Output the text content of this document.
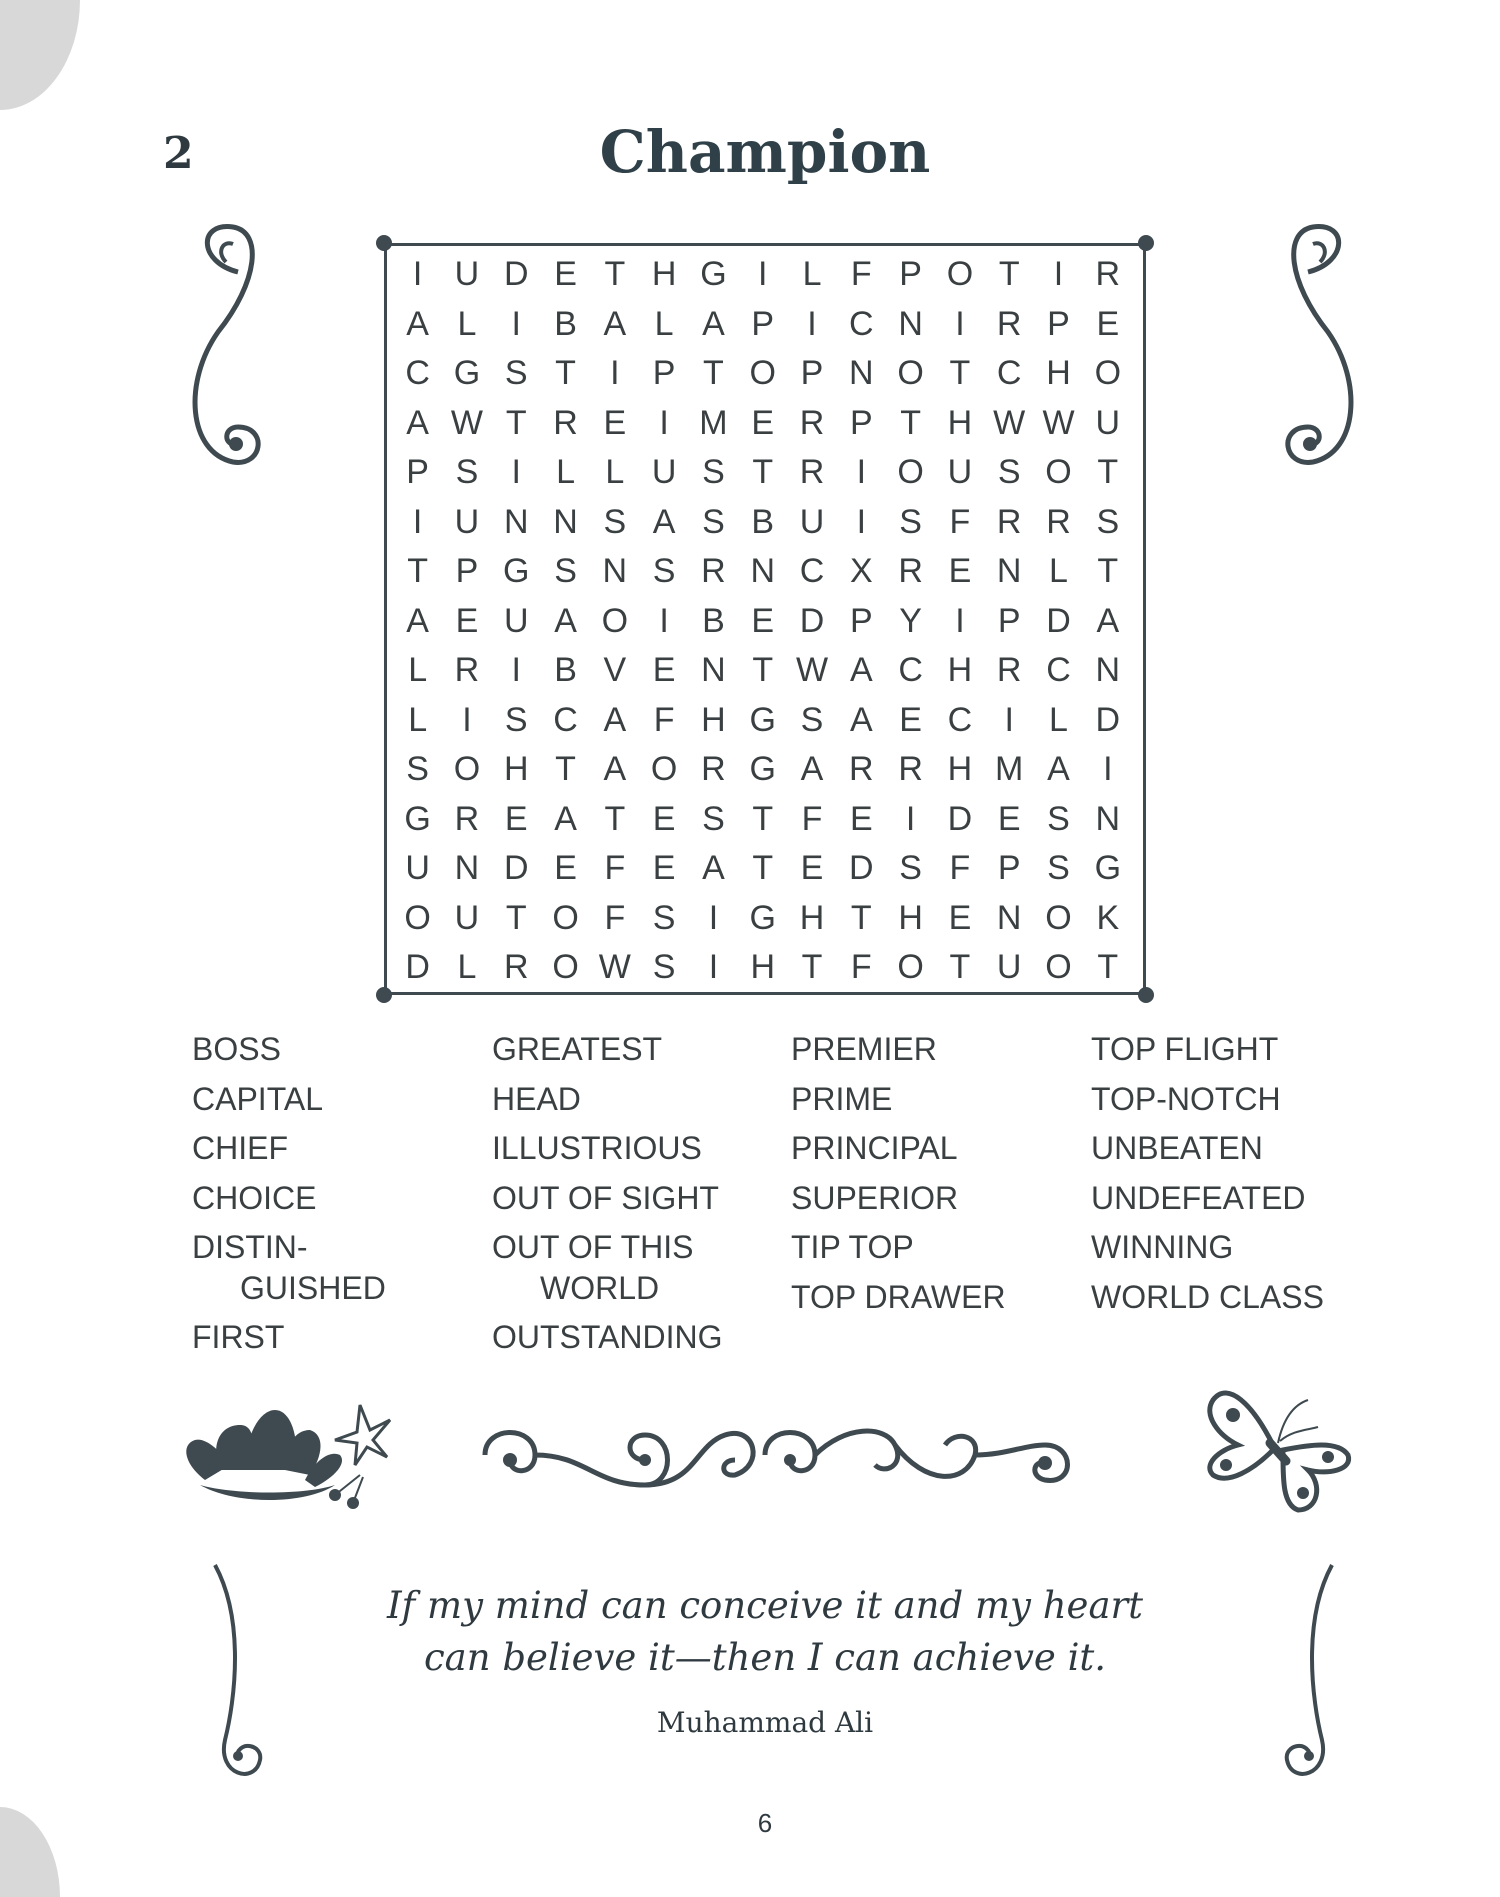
2	Champion
I U D E T H G I	L F P O T	I R
A L	I B A L A P I C N I R P E
C G S T	I P T O P N O T C H O
A W T R E I M E R P T H W W U
P S I	L L U S T R I O U S O T
I U N N S A S B U I S F R R S
T P G S N S R N C X R E N L T
A E U A O I B E D P Y I P D A
L R I B V E N T W A C H R C N
L	I S C A F H G S A E C I	L D
S O H T A O R G A R R H M A I
G R E A T E S T F E I D E S N
U N D E F E A T E D S F P S G
O U T O F S I G H T H E N O K
D L R O W S I H T F O T U O T
BOSS
CAPITAL
CHIEF
CHOICE
DISTIN-
GUISHED
FIRST
GREATEST
HEAD
ILLUSTRIOUS
OUT OF SIGHT
OUT OF THIS
WORLD
OUTSTANDING
PREMIER
PRIME
PRINCIPAL
SUPERIOR
TIP TOP
TOP DRAWER
TOP FLIGHT
TOP-NOTCH
UNBEATEN
UNDEFEATED
WINNING
WORLD CLASS
If my mind can conceive it and my heart
can believe it—then I can achieve it.
Muhammad Ali
6
